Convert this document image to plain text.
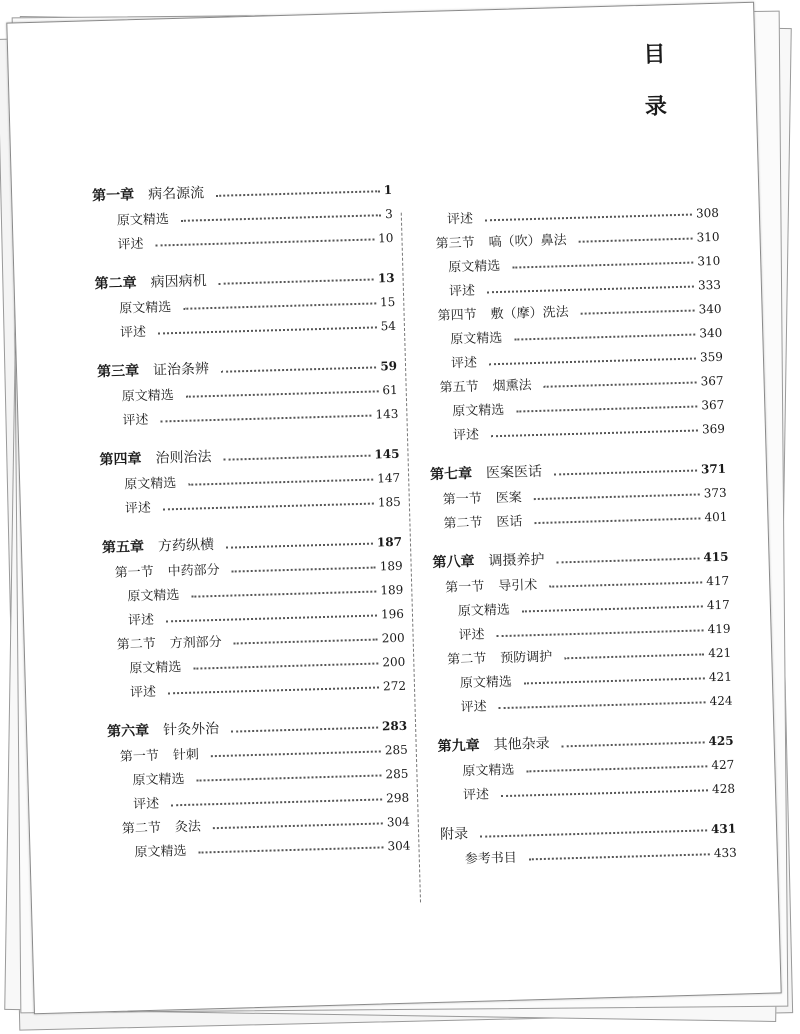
目
录
第一章 病名源流	1
原文精选	3
评述	10
第二章 病因病机	13
原文精选	15
评述	54
第三章 证治条辨	59
原文精选	61
评述	143
第四章 治则治法	145
原文精选	147
评述	185
第五章 方药纵横	187
第一节 中药部分	189
原文精选	189
评述	196
第二节 方剂部分	200
原文精选	200
评述	272
第六章 针灸外治	283
第一节 针刺	285
原文精选	285
评述	298
第二节 灸法	304
原文精选	304
评述	308
第三节 嗃（吹）鼻法	310
原文精选	310
评述	333
第四节 敷（摩）洗法	340
原文精选	340
评述	359
第五节 烟熏法	367
原文精选	367
评述	369
第七章 医案医话	371
第一节 医案	373
第二节 医话	401
第八章 调摄养护	415
第一节 导引术	417
原文精选	417
评述	419
第二节 预防调护	421
原文精选	421
评述	424
第九章 其他杂录	425
原文精选	427
评述	428
附录	431
参考书目	433
